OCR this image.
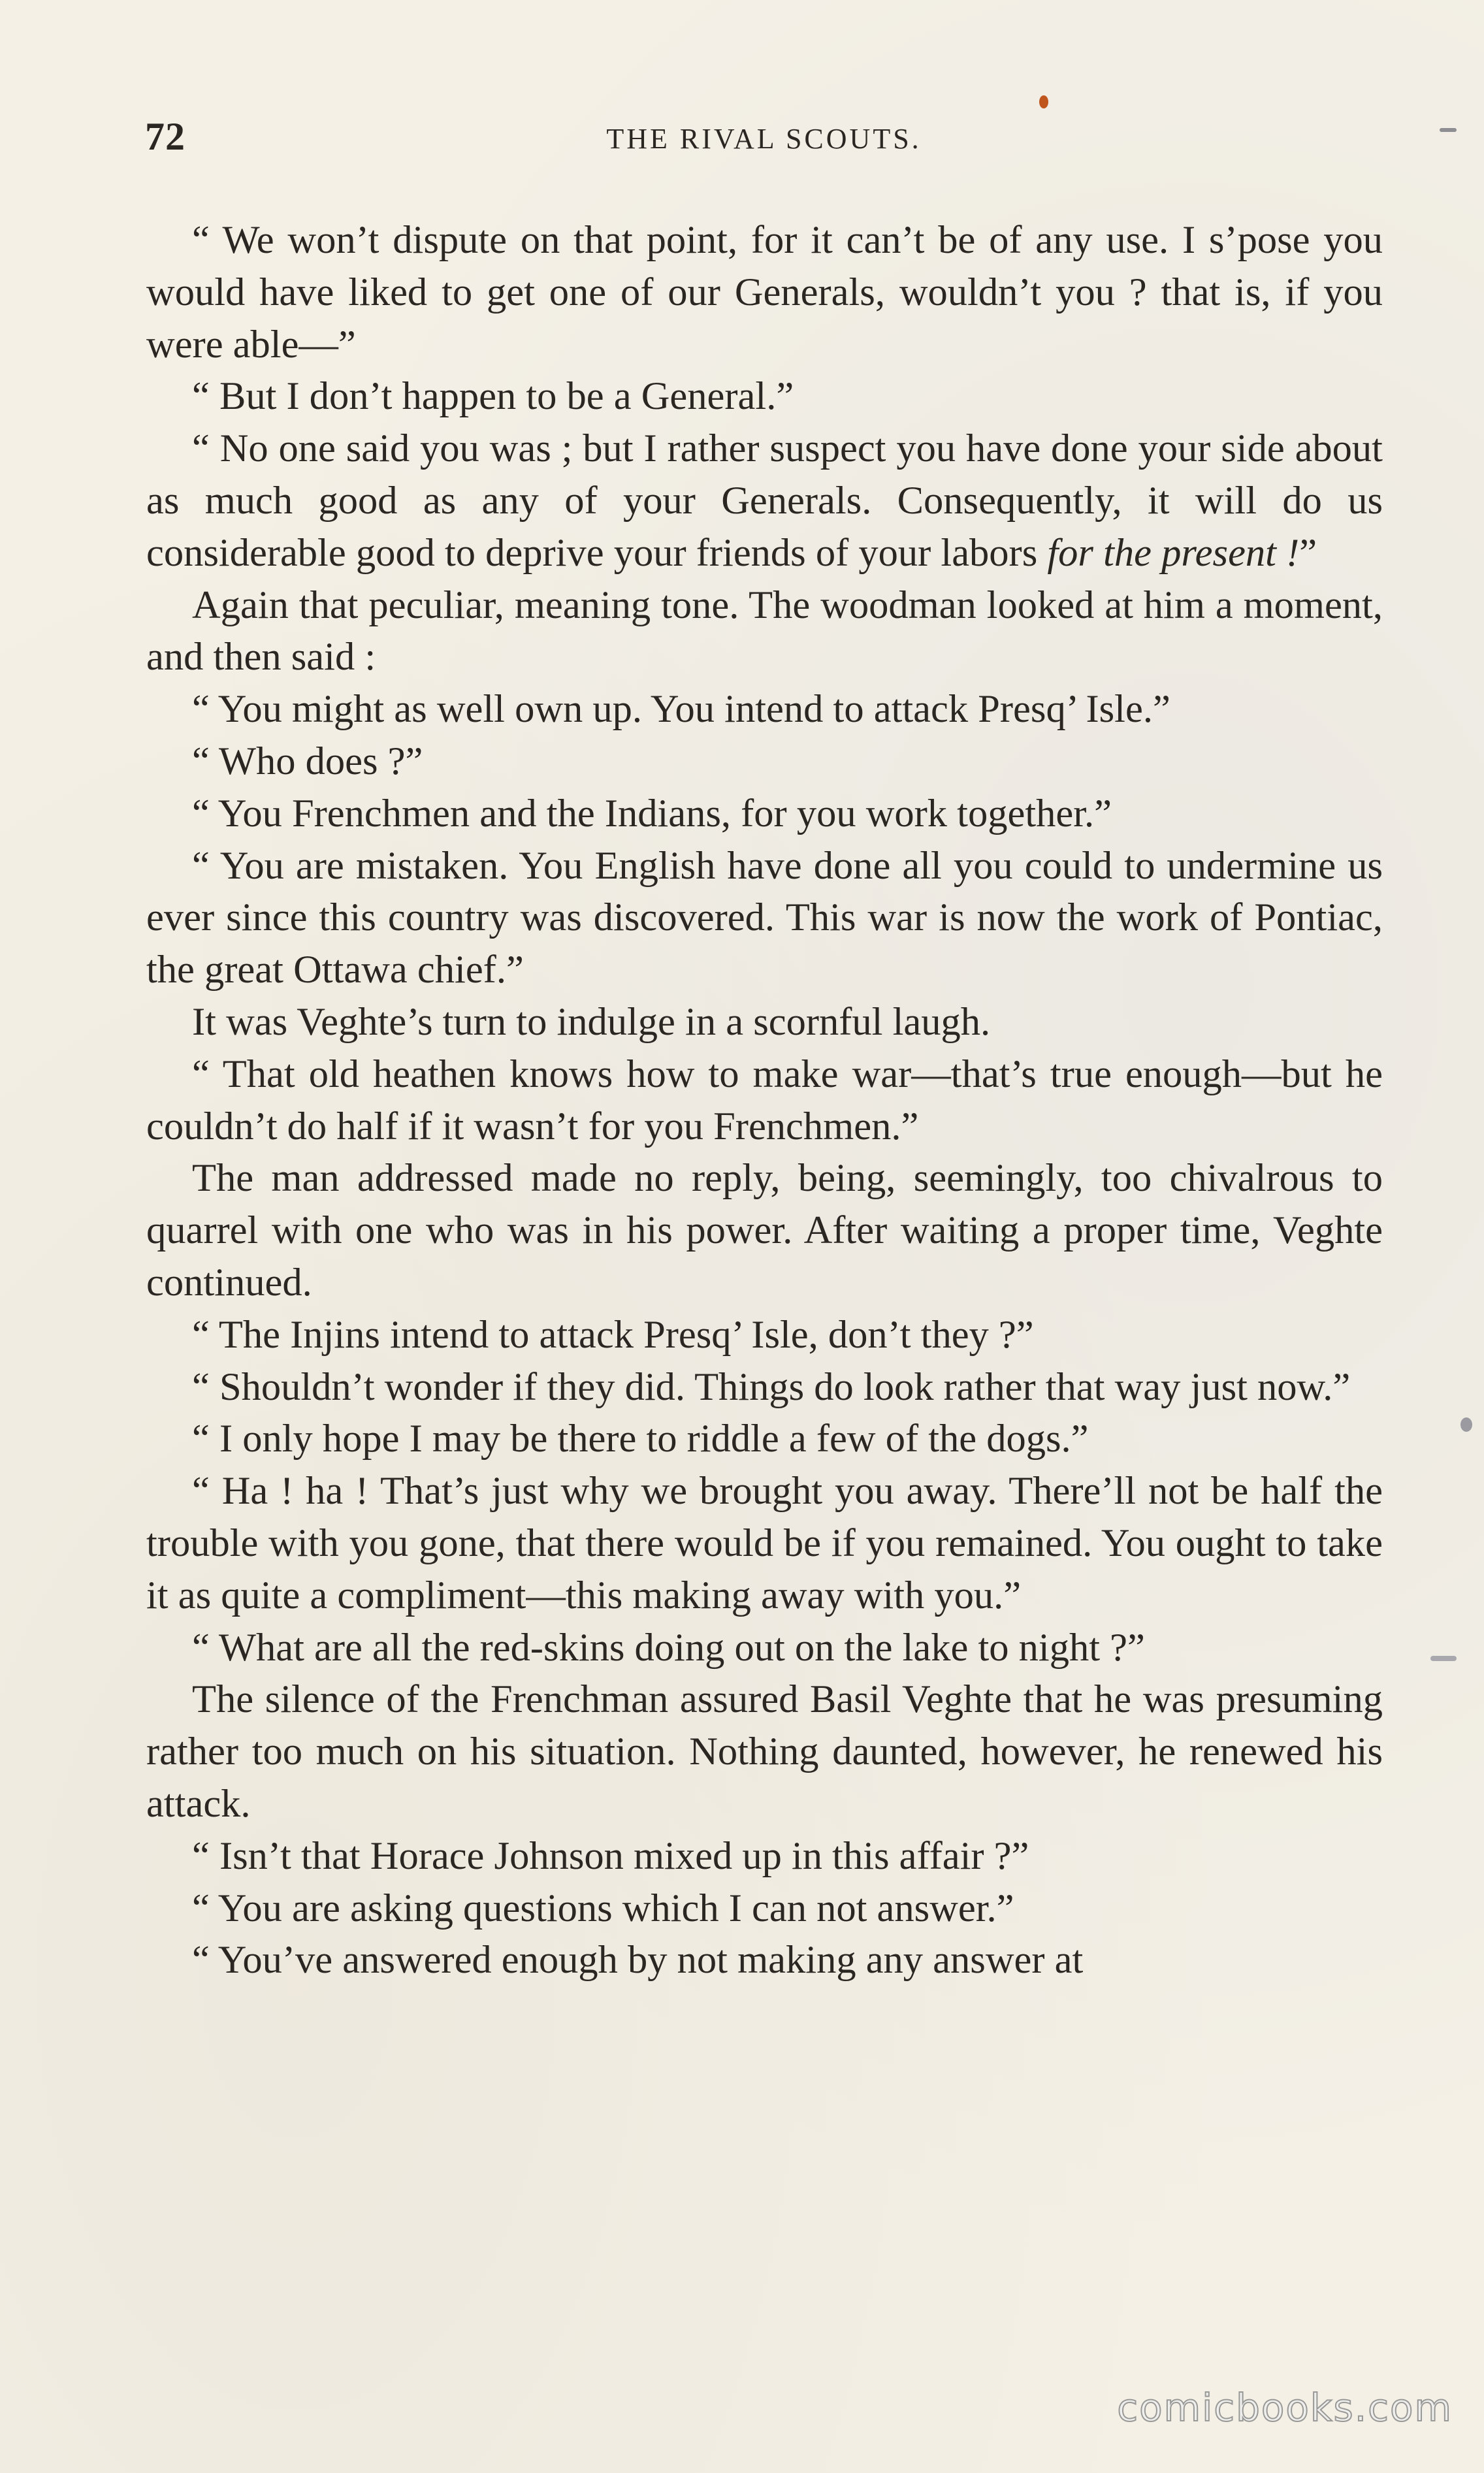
72	THE RIVAL SCOUTS.

“ We won’t dispute on that point, for it can’t be of any use. I s’pose you would have liked to get one of our Generals, wouldn’t you ? that is, if you were able—”

“ But I don’t happen to be a General.”

“ No one said you was ; but I rather suspect you have done your side about as much good as any of your Generals. Consequently, it will do us considerable good to deprive your friends of your labors for the present !”

Again that peculiar, meaning tone. The woodman looked at him a moment, and then said :

“ You might as well own up. You intend to attack Presq’ Isle.”

“ Who does ?”

“ You Frenchmen and the Indians, for you work together.”

“ You are mistaken. You English have done all you could to undermine us ever since this country was discovered. This war is now the work of Pontiac, the great Ottawa chief.”

It was Veghte’s turn to indulge in a scornful laugh.

“ That old heathen knows how to make war—that’s true enough—but he couldn’t do half if it wasn’t for you Frenchmen.”

The man addressed made no reply, being, seemingly, too chivalrous to quarrel with one who was in his power. After waiting a proper time, Veghte continued.

“ The Injins intend to attack Presq’ Isle, don’t they ?”

“ Shouldn’t wonder if they did. Things do look rather that way just now.”

“ I only hope I may be there to riddle a few of the dogs.”

“ Ha ! ha ! That’s just why we brought you away. There’ll not be half the trouble with you gone, that there would be if you remained. You ought to take it as quite a compliment—this making away with you.”

“ What are all the red-skins doing out on the lake to night ?”

The silence of the Frenchman assured Basil Veghte that he was presuming rather too much on his situation. Nothing daunted, however, he renewed his attack.

“ Isn’t that Horace Johnson mixed up in this affair ?”

“ You are asking questions which I can not answer.”

“ You’ve answered enough by not making any answer at

comicbooks.com
